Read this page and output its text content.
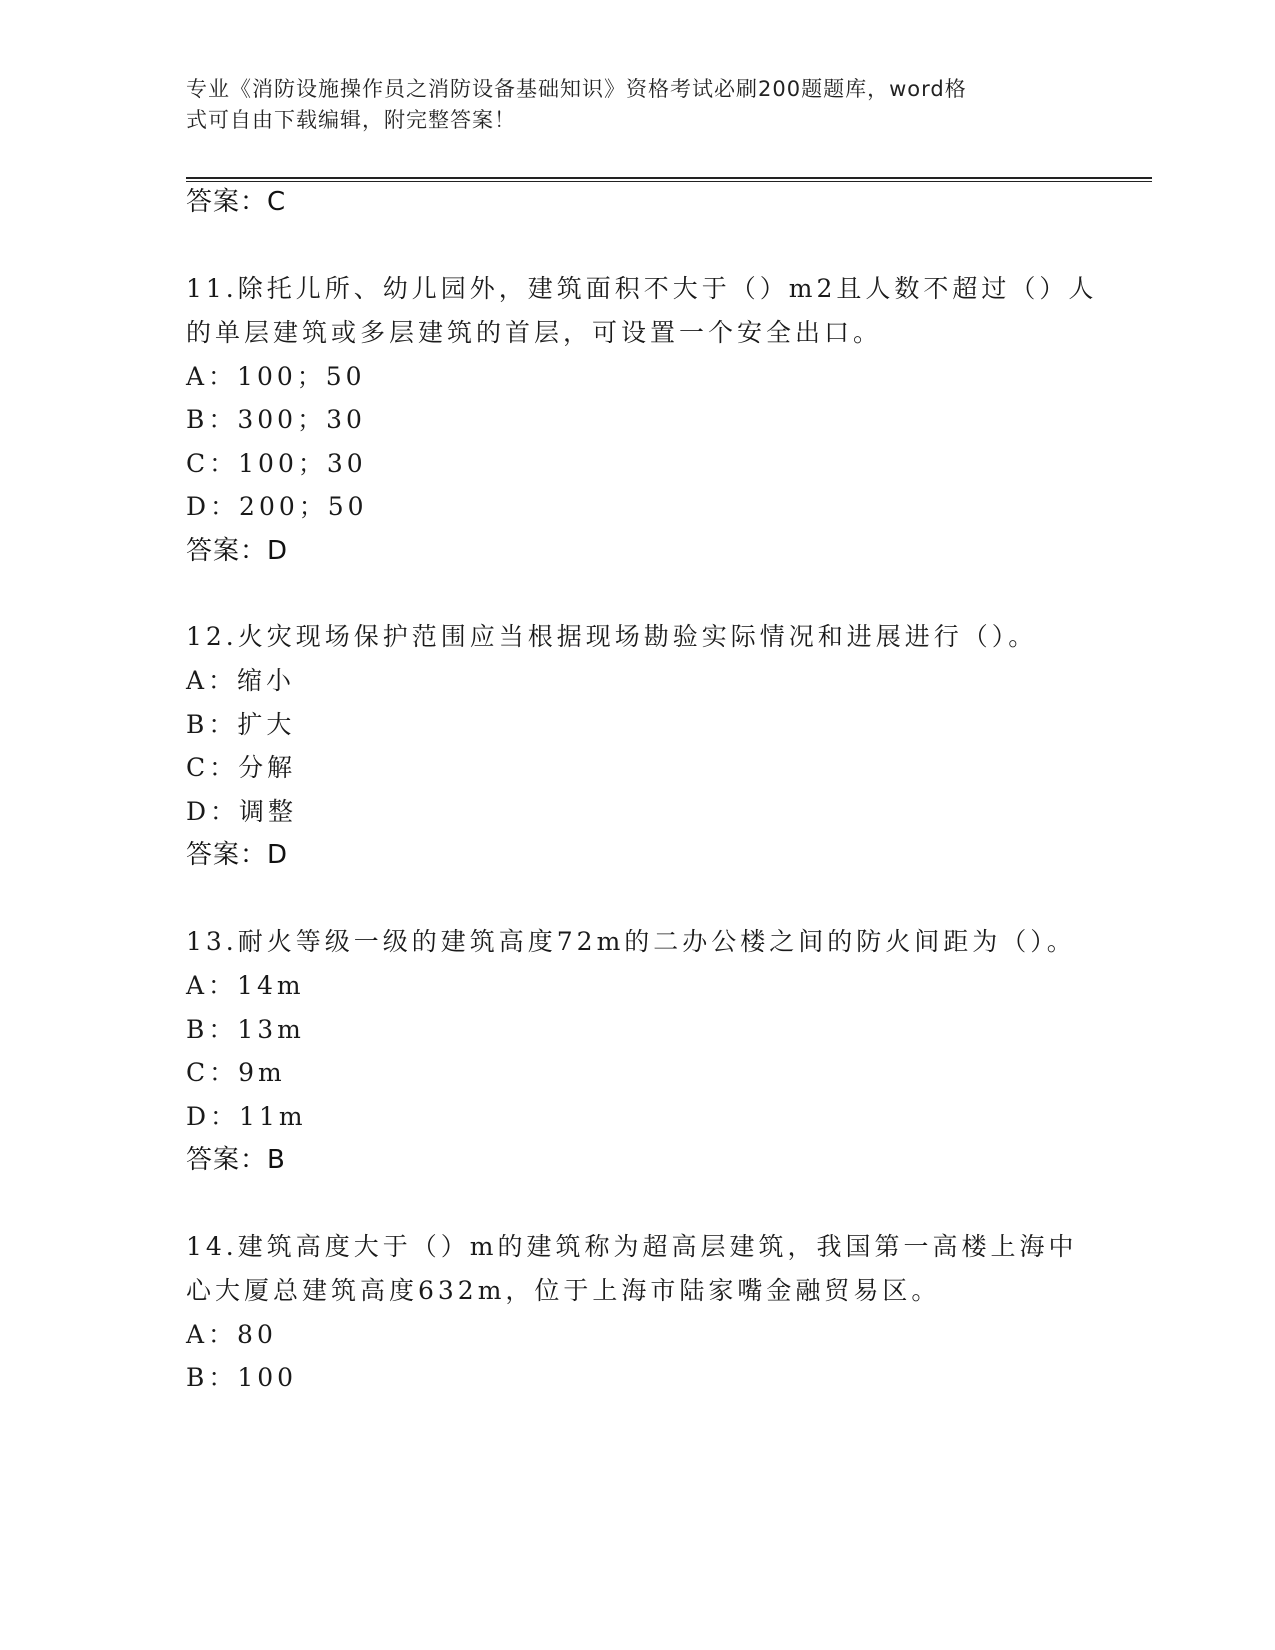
专业《消防设施操作员之消防设备基础知识》资格考试必刷200题题库，word格
式可自由下载编辑，附完整答案！
答案：C
11.除托儿所、幼儿园外，建筑面积不大于（）m2且人数不超过（）人
的单层建筑或多层建筑的首层，可设置一个安全出口。
A：100；50
B：300；30
C：100；30
D：200；50
答案：D
12.火灾现场保护范围应当根据现场勘验实际情况和进展进行（）。
A：缩小
B：扩大
C：分解
D：调整
答案：D
13.耐火等级一级的建筑高度72m的二办公楼之间的防火间距为（）。
A：14m
B：13m
C：9m
D：11m
答案：B
14.建筑高度大于（）m的建筑称为超高层建筑，我国第一高楼上海中
心大厦总建筑高度632m，位于上海市陆家嘴金融贸易区。
A：80
B：100
